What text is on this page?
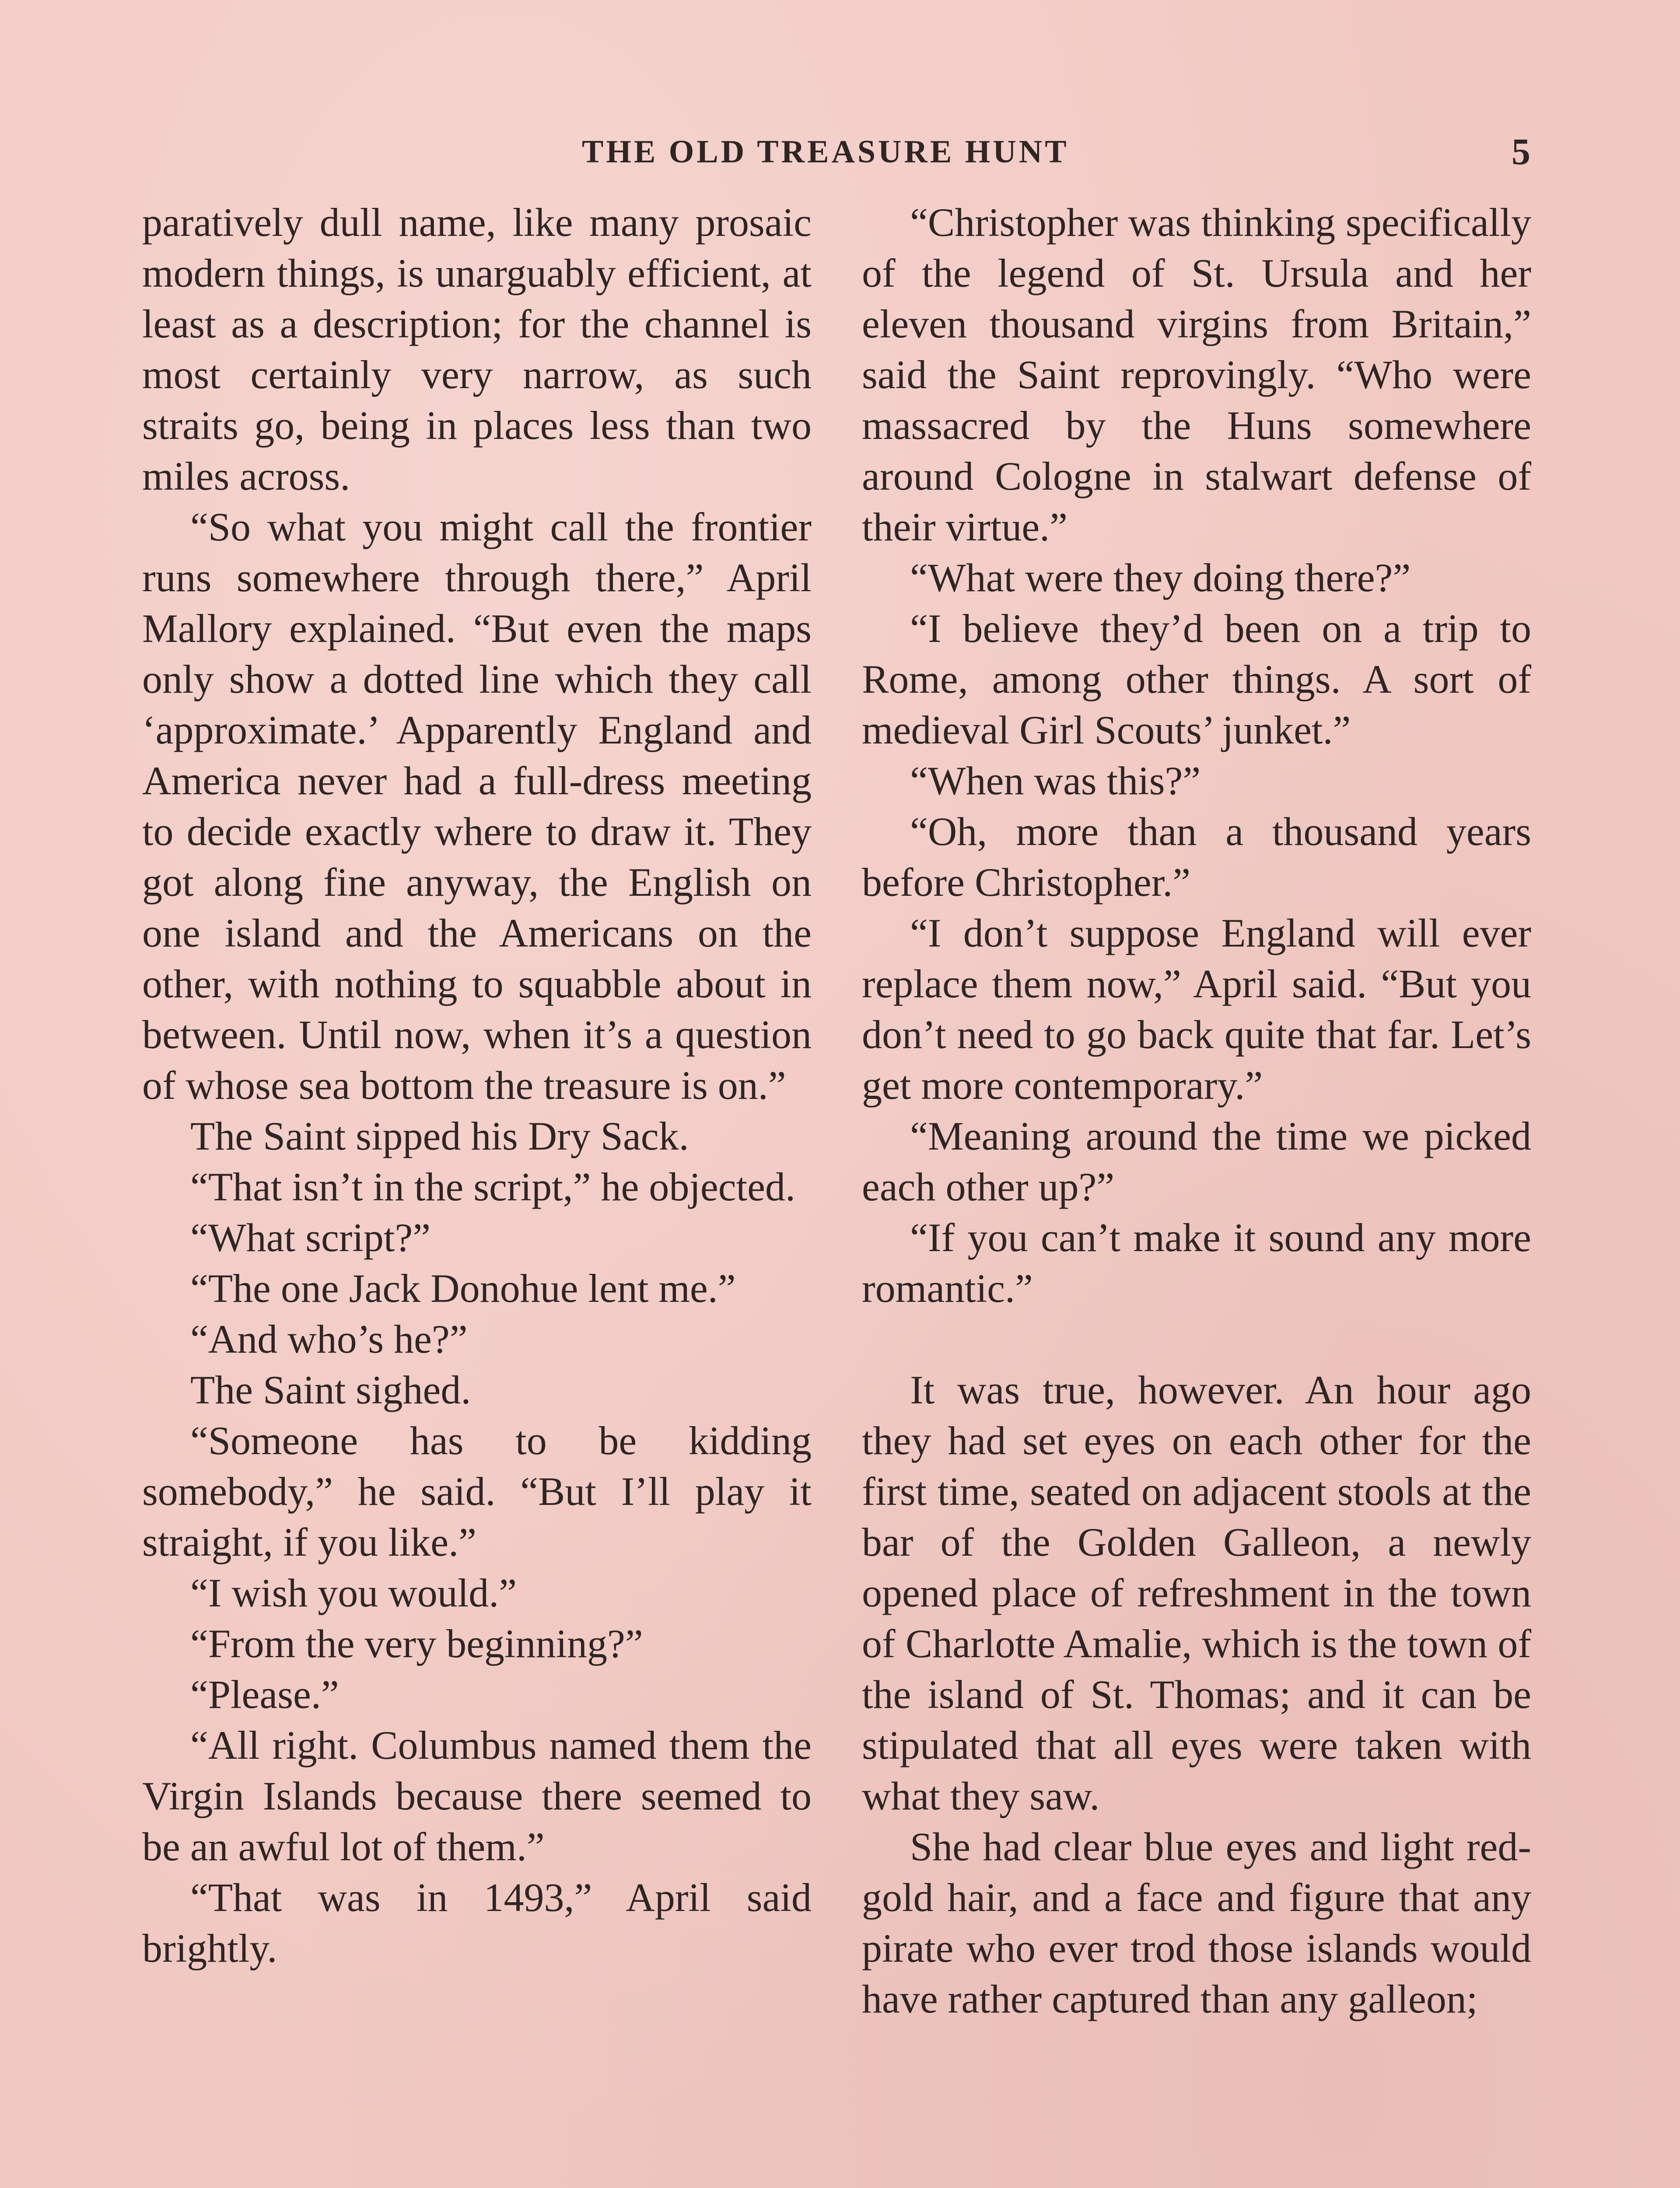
THE OLD TREASURE HUNT	5

paratively dull name, like many prosaic modern things, is unarguably efficient, at least as a description; for the channel is most certainly very narrow, as such straits go, being in places less than two miles across.

“So what you might call the frontier runs somewhere through there,” April Mallory explained. “But even the maps only show a dotted line which they call ‘approximate.’ Apparently England and America never had a full-dress meeting to decide exactly where to draw it. They got along fine anyway, the English on one island and the Americans on the other, with nothing to squabble about in between. Until now, when it’s a question of whose sea bottom the treasure is on.”

The Saint sipped his Dry Sack.

“That isn’t in the script,” he objected.

“What script?”

“The one Jack Donohue lent me.”

“And who’s he?”

The Saint sighed.

“Someone has to be kidding somebody,” he said. “But I’ll play it straight, if you like.”

“I wish you would.”

“From the very beginning?”

“Please.”

“All right. Columbus named them the Virgin Islands because there seemed to be an awful lot of them.”

“That was in 1493,” April said brightly.

“Christopher was thinking specifically of the legend of St. Ursula and her eleven thousand virgins from Britain,” said the Saint reprovingly. “Who were massacred by the Huns somewhere around Cologne in stalwart defense of their virtue.”

“What were they doing there?”

“I believe they’d been on a trip to Rome, among other things. A sort of medieval Girl Scouts’ junket.”

“When was this?”

“Oh, more than a thousand years before Christopher.”

“I don’t suppose England will ever replace them now,” April said. “But you don’t need to go back quite that far. Let’s get more contemporary.”

“Meaning around the time we picked each other up?”

“If you can’t make it sound any more romantic.”

It was true, however. An hour ago they had set eyes on each other for the first time, seated on adjacent stools at the bar of the Golden Galleon, a newly opened place of refreshment in the town of Charlotte Amalie, which is the town of the island of St. Thomas; and it can be stipulated that all eyes were taken with what they saw.

She had clear blue eyes and light red-gold hair, and a face and figure that any pirate who ever trod those islands would have rather captured than any galleon;
